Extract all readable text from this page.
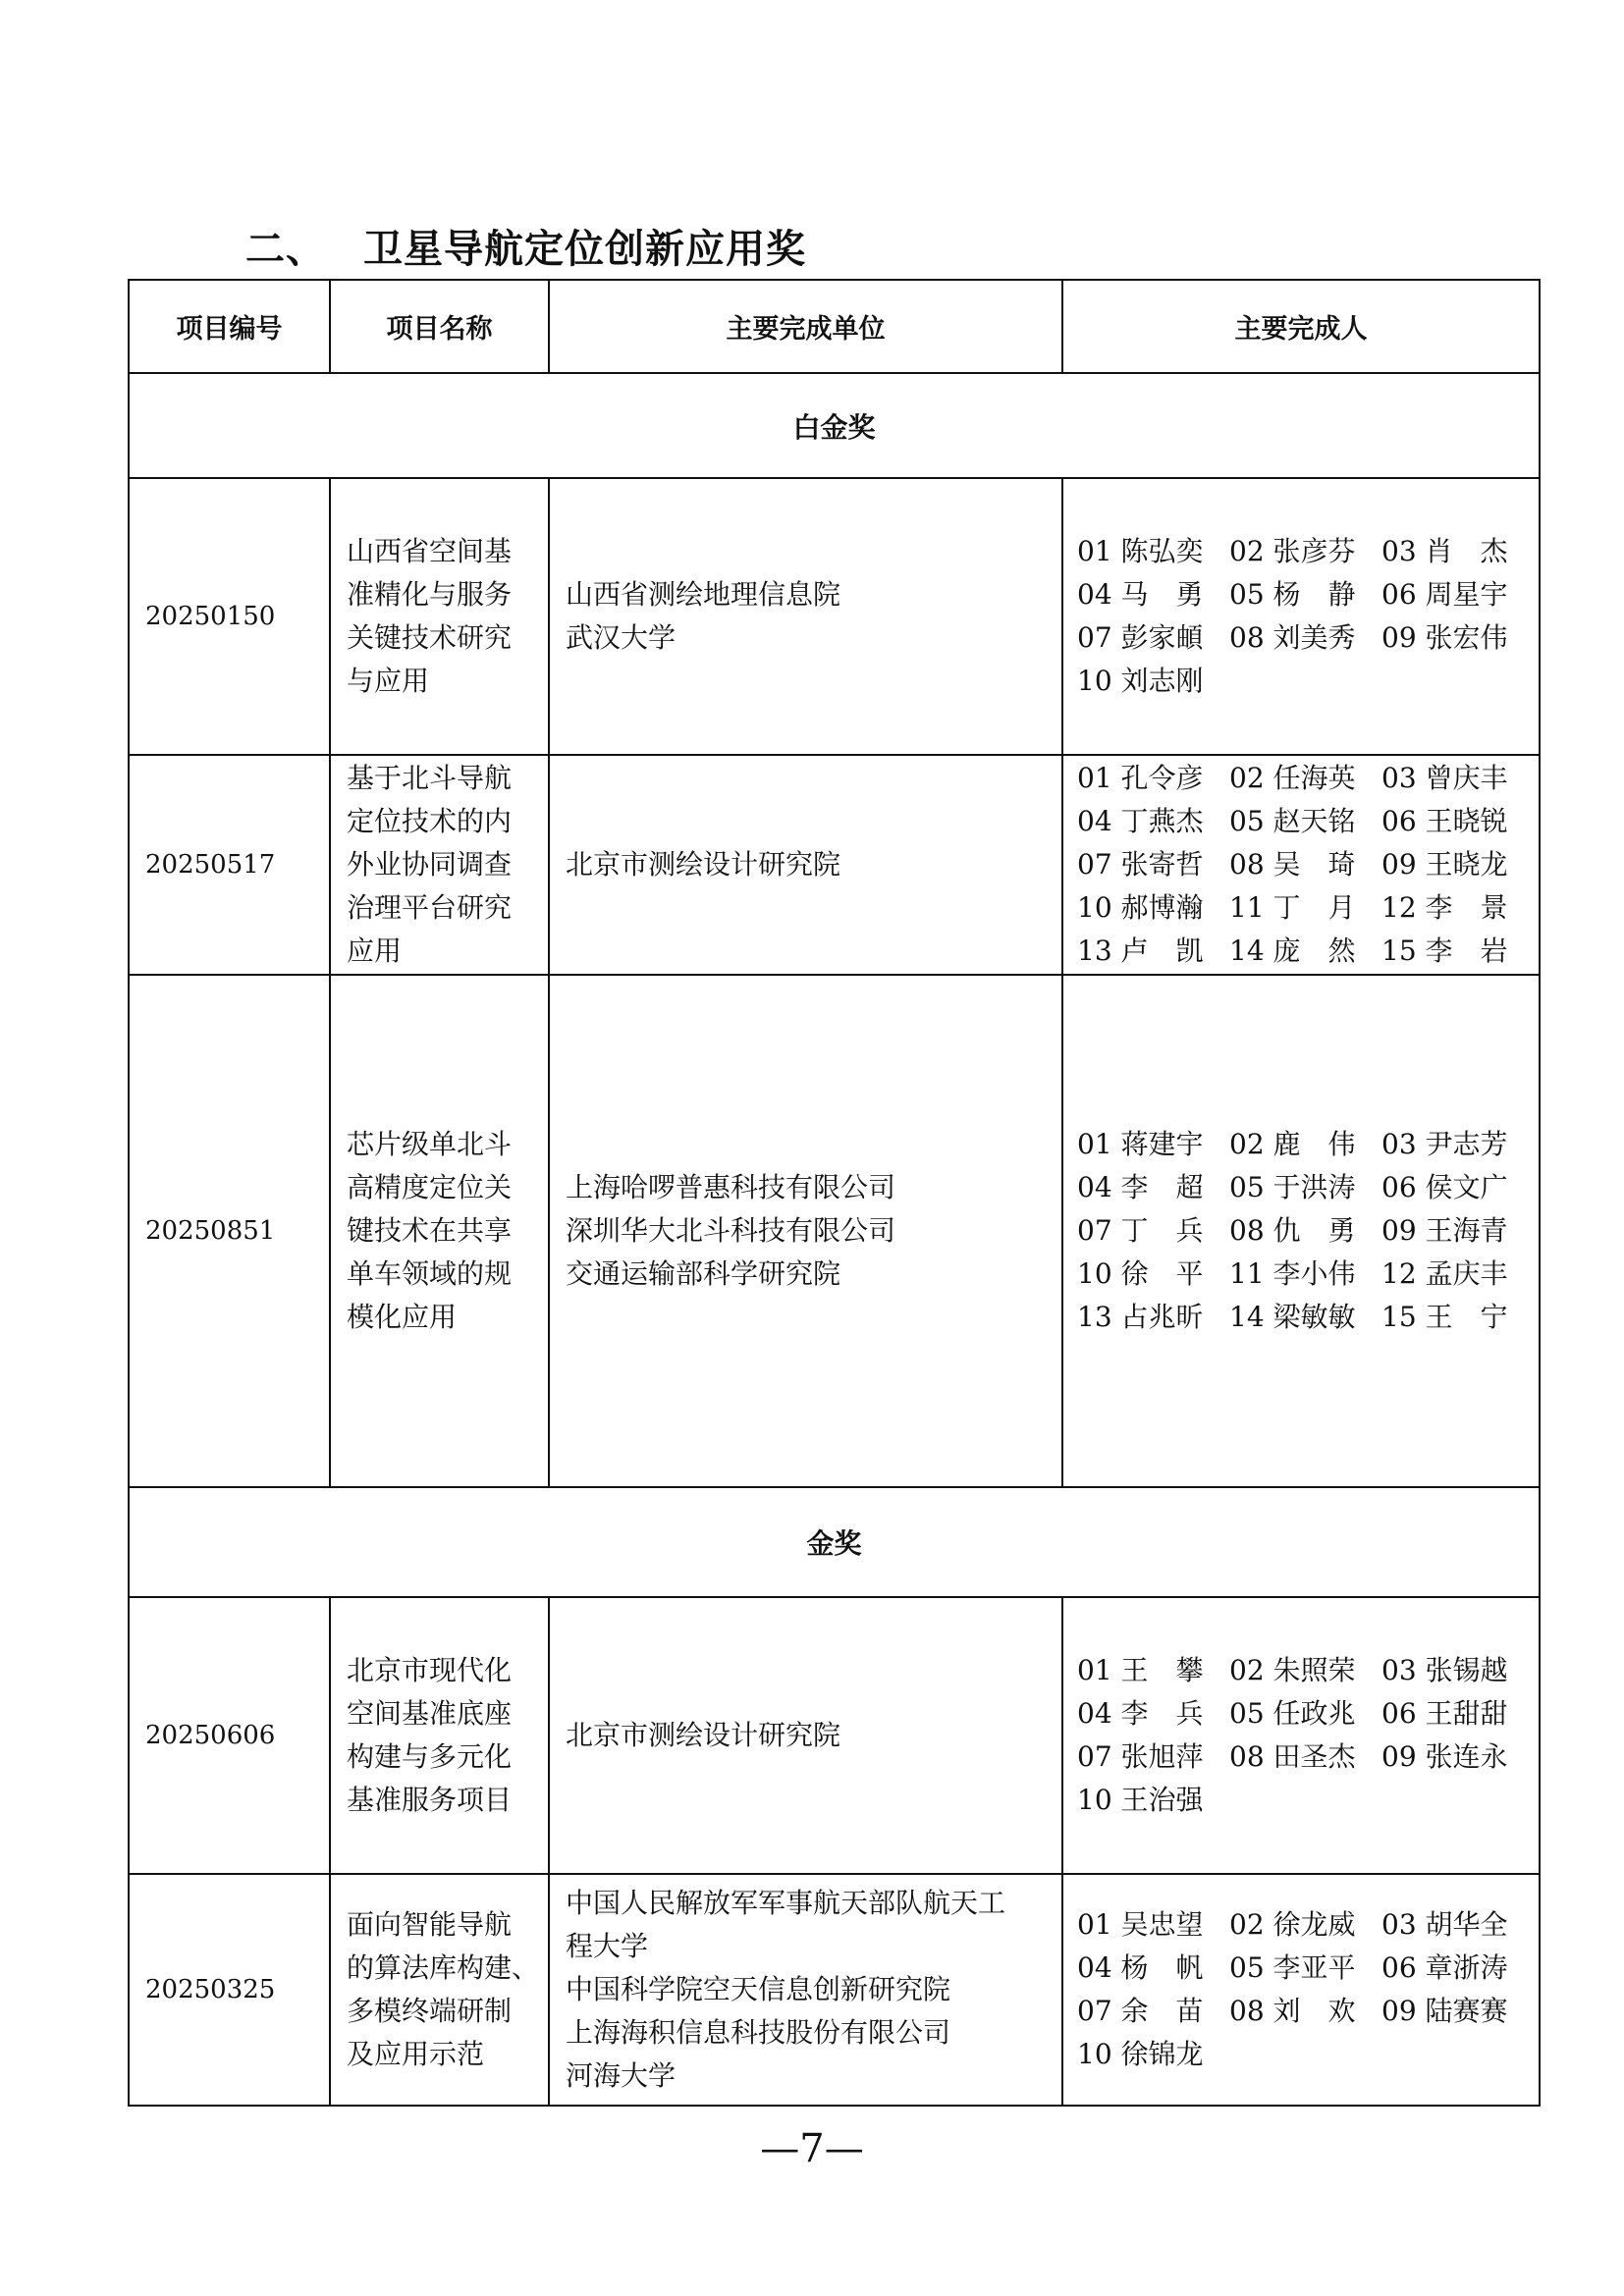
二、 卫星导航定位创新应用奖
项目编号	项目名称	主要完成单位	主要完成人
白金奖			
20250150	山西省空间基
准精化与服务
关键技术研究
与应用	山西省测绘地理信息院
武汉大学	01 陈弘奕 02 张彦芬 03 肖　杰
04 马　勇 05 杨　静 06 周星宇
07 彭家頔 08 刘美秀 09 张宏伟
10 刘志刚

20250517	基于北斗导航
定位技术的内
外业协同调查
治理平台研究
应用	北京市测绘设计研究院	01 孔令彦 02 任海英 03 曾庆丰
04 丁燕杰 05 赵天铭 06 王晓锐
07 张寄哲 08 吴　琦 09 王晓龙
10 郝博瀚 11 丁　月 12 李　景
13 卢　凯 14 庞　然 15 李　岩

20250851	芯片级单北斗
高精度定位关
键技术在共享
单车领域的规
模化应用	上海哈啰普惠科技有限公司
深圳华大北斗科技有限公司
交通运输部科学研究院	01 蒋建宇 02 鹿　伟 03 尹志芳
04 李　超 05 于洪涛 06 侯文广
07 丁　兵 08 仇　勇 09 王海青
10 徐　平 11 李小伟 12 孟庆丰
13 占兆昕 14 梁敏敏 15 王　宁

金奖			
20250606	北京市现代化
空间基准底座
构建与多元化
基准服务项目	北京市测绘设计研究院	01 王　攀 02 朱照荣 03 张锡越
04 李　兵 05 任政兆 06 王甜甜
07 张旭萍 08 田圣杰 09 张连永
10 王治强

20250325	面向智能导航
的算法库构建、
多模终端研制
及应用示范	中国人民解放军军事航天部队航天工
程大学
中国科学院空天信息创新研究院
上海海积信息科技股份有限公司
河海大学	01 吴忠望 02 徐龙威 03 胡华全
04 杨　帆 05 李亚平 06 章浙涛
07 余　苗 08 刘　欢 09 陆赛赛
10 徐锦龙
—7—
